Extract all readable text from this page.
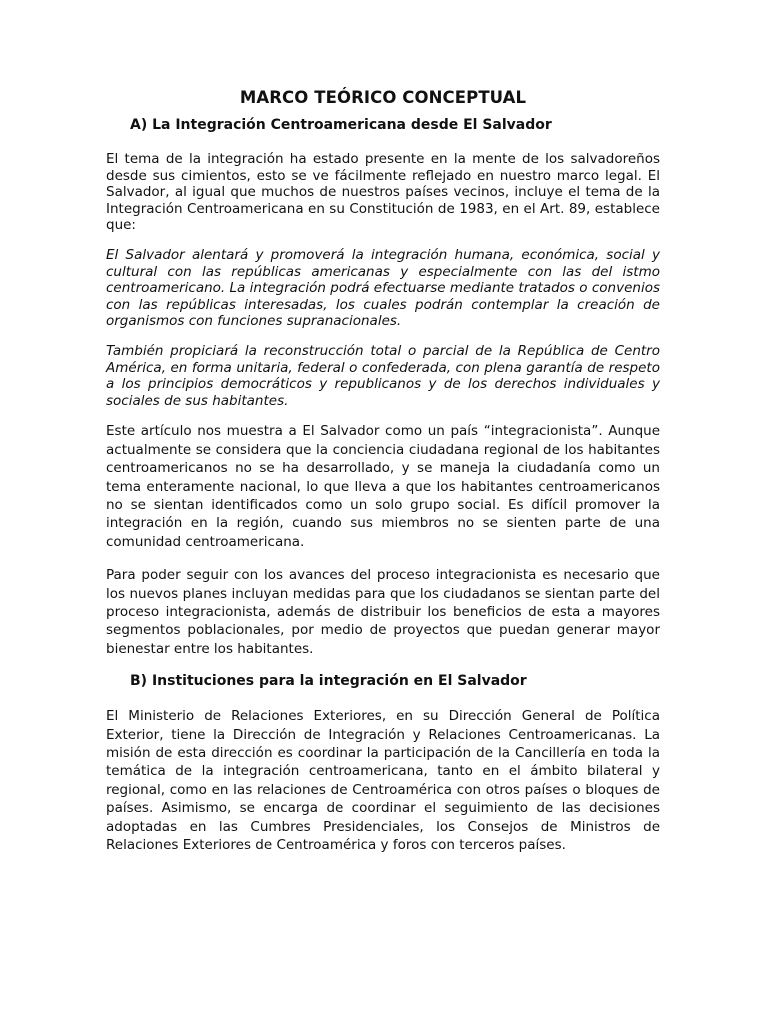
MARCO TEÓRICO CONCEPTUAL
A) La Integración Centroamericana desde El Salvador

El tema de la integración ha estado presente en la mente de los salvadoreños desde sus cimientos, esto se ve fácilmente reflejado en nuestro marco legal. El Salvador, al igual que muchos de nuestros países vecinos, incluye el tema de la Integración Centroamericana en su Constitución de 1983, en el Art. 89, establece que:

El Salvador alentará y promoverá la integración humana, económica, social y cultural con las repúblicas americanas y especialmente con las del istmo centroamericano. La integración podrá efectuarse mediante tratados o convenios con las repúblicas interesadas, los cuales podrán contemplar la creación de organismos con funciones supranacionales.

También propiciará la reconstrucción total o parcial de la República de Centro América, en forma unitaria, federal o confederada, con plena garantía de respeto a los principios democráticos y republicanos y de los derechos individuales y sociales de sus habitantes.

Este artículo nos muestra a El Salvador como un país “integracionista”. Aunque actualmente se considera que la conciencia ciudadana regional de los habitantes centroamericanos no se ha desarrollado, y se maneja la ciudadanía como un tema enteramente nacional, lo que lleva a que los habitantes centroamericanos no se sientan identificados como un solo grupo social. Es difícil promover la integración en la región, cuando sus miembros no se sienten parte de una comunidad centroamericana.

Para poder seguir con los avances del proceso integracionista es necesario que los nuevos planes incluyan medidas para que los ciudadanos se sientan parte del proceso integracionista, además de distribuir los beneficios de esta a mayores segmentos poblacionales, por medio de proyectos que puedan generar mayor bienestar entre los habitantes.

B) Instituciones para la integración en El Salvador

El Ministerio de Relaciones Exteriores, en su Dirección General de Política Exterior, tiene la Dirección de Integración y Relaciones Centroamericanas. La misión de esta dirección es coordinar la participación de la Cancillería en toda la temática de la integración centroamericana, tanto en el ámbito bilateral y regional, como en las relaciones de Centroamérica con otros países o bloques de países. Asimismo, se encarga de coordinar el seguimiento de las decisiones adoptadas en las Cumbres Presidenciales, los Consejos de Ministros de Relaciones Exteriores de Centroamérica y foros con terceros países.
